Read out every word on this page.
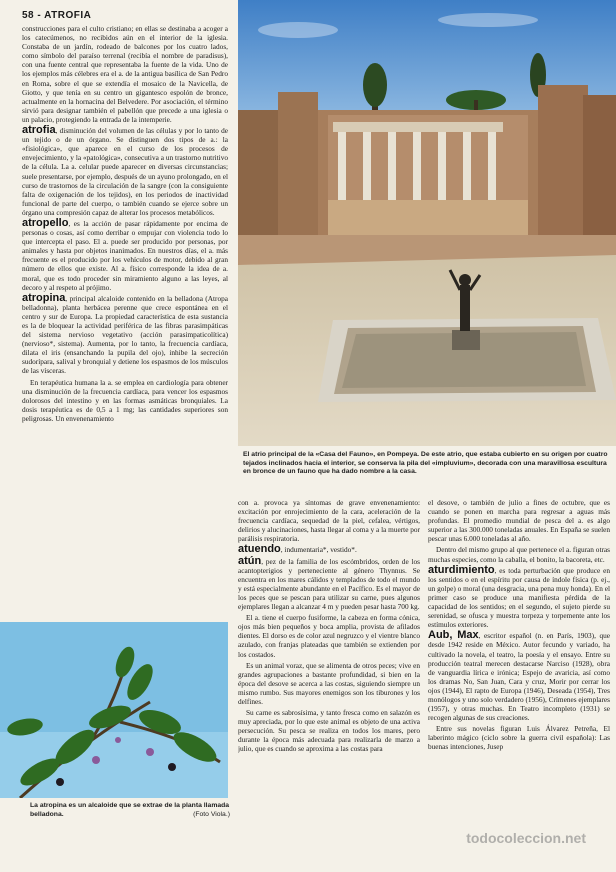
58 - ATROFIA

construcciones para el culto cristiano; en ellas se destinaba a acoger a los catecúmenos, no recibidos aún en el interior de la iglesia. Constaba de un jardín, rodeado de balcones por los cuatro lados, como símbolo del paraíso terrenal (recibía el nombre de paradisus), con una fuente central que representaba la fuente de la vida. Uno de los ejemplos más célebres era el a. de la antigua basílica de San Pedro en Roma, sobre el que se extendía el mosaico de la Navicella, de Giotto, y que tenía en su centro un gigantesco espolón de bronce, actualmente en la hornacina del Belvedere. Por asociación, el término sirvió para designar también el pabellón que precede a una iglesia o un palacio, protegiendo la entrada de la intemperie.

atrofia, disminución del volumen de las células y por lo tanto de un tejido o de un órgano. Se distinguen dos tipos de a.: la «fisiológica», que aparece en el curso de los procesos de envejecimiento, y la «patológica», consecutiva a un trastorno nutritivo de la célula. La a. celular puede aparecer en diversas circunstancias; suele presentarse, por ejemplo, después de un ayuno prolongado, en el curso de trastornos de la circulación de la sangre (con la consiguiente falta de oxigenación de los tejidos), en los periodos de inactividad funcional de parte del cuerpo, o también cuando se ejerce sobre un órgano una compresión capaz de alterar los procesos metabólicos.
atropello, es la acción de pasar rápidamente por encima de personas o cosas, así como derribar o empujar con violencia todo lo que intercepta el paso. El a. puede ser producido por personas, por animales y hasta por objetos inanimados. En nuestros días, el a. más frecuente es el producido por los vehículos de motor, debido al gran número de ellos que existe. Al a. físico corresponde la idea de a. moral, que es todo proceder sin miramiento alguno a las leyes, al decoro y al respeto al prójimo.
atropina, principal alcaloide contenido en la belladona (Atropa belladonna), planta herbácea perenne que crece espontánea en el centro y sur de Europa. La propiedad característica de esta sustancia es la de bloquear la actividad periférica de las fibras parasimpáticas del sistema nervioso vegetativo (acción parasimpaticolítica) (nervioso*, sistema). Aumenta, por lo tanto, la frecuencia cardíaca, dilata el iris (ensanchando la pupila del ojo), inhibe la secreción sudorípara, salival y bronquial y detiene los espasmos de los músculos de las vísceras.

En terapéutica humana la a. se emplea en cardiología para obtener una disminución de la frecuencia cardíaca, para vencer los espasmos dolorosos del intestino y en las formas asmáticas bronquiales. La dosis terapéutica es de 0,5 a 1 mg; las cantidades superiores son peligrosas. Un envenenamiento

El atrio principal de la «Casa del Fauno», en Pompeya. De este atrio, que estaba cubierto en su origen por cuatro tejados inclinados hacia el interior, se conserva la pila del «impluvium», decorada con una maravillosa escultura en bronce de un fauno que ha dado nombre a la casa.
La atropina es un alcaloide que se extrae de la planta llamada belladona.	(Foto Viola.)

con a. provoca ya síntomas de grave envenenamiento: excitación por enrojecimiento de la cara, aceleración de la frecuencia cardíaca, sequedad de la piel, cefalea, vértigos, delirios y alucinaciones, hasta llegar al coma y a la muerte por parálisis respiratoria.

atuendo, indumentaria*, vestido*.
atún, pez de la familia de los escómbridos, orden de los acantopterigios y perteneciente al género Thynnus. Se encuentra en los mares cálidos y templados de todo el mundo y está especialmente abundante en el Pacífico. Es el mayor de los peces que se pescan para utilizar su carne, pues algunos ejemplares llegan a alcanzar 4 m y pueden pesar hasta 700 kg.

El a. tiene el cuerpo fusiforme, la cabeza en forma cónica, ojos más bien pequeños y boca amplia, provista de afilados dientes. El dorso es de color azul negruzco y el vientre blanco azulado, con franjas plateadas que también se extienden por los costados.

Es un animal voraz, que se alimenta de otros peces; vive en grandes agrupaciones a bastante profundidad, si bien en la época del desove se acerca a las costas, siguiendo siempre un mismo rumbo. Sus mayores enemigos son los tiburones y los delfines.

Su carne es sabrosísima, y tanto fresca como en salazón es muy apreciada, por lo que este animal es objeto de una activa persecución. Su pesca se realiza en todos los mares, pero durante la época más adecuada para realizarla de marzo a julio, que es cuando se aproxima a las costas para

el desove, o también de julio a fines de octubre, que es cuando se ponen en marcha para regresar a aguas más profundas. El promedio mundial de pesca del a. es algo superior a las 300.000 toneladas anuales. En España se suelen pescar unas 6.000 toneladas al año.

Dentro del mismo grupo al que pertenece el a. figuran otras muchas especies, como la caballa, el bonito, la bacoreta, etc.

aturdimiento, es toda perturbación que produce en los sentidos o en el espíritu por causa de índole física (p. ej., un golpe) o moral (una desgracia, una pena muy honda). En el primer caso se produce una manifiesta pérdida de la capacidad de los sentidos; en el segundo, el sujeto pierde su serenidad, se ofusca y muestra torpeza y torpemente ante los estímulos exteriores.
Aub, Max, escritor español (n. en París, 1903), que desde 1942 reside en México. Autor fecundo y variado, ha cultivado la novela, el teatro, la poesía y el ensayo. Entre su producción teatral merecen destacarse Narciso (1928), obra de vanguardia lírica e irónica; Espejo de avaricia, así como los dramas No, San Juan, Cara y cruz, Morir por cerrar los ojos (1944), El rapto de Europa (1946), Deseada (1954), Tres monólogos y uno solo verdadero (1956), Crímenes ejemplares (1957), y otras muchas. En Teatro incompleto (1931) se recogen algunas de sus creaciones.

Entre sus novelas figuran Luis Álvarez Petreña, El laberinto mágico (ciclo sobre la guerra civil española): Las buenas intenciones, Jusep

todocoleccion.net
